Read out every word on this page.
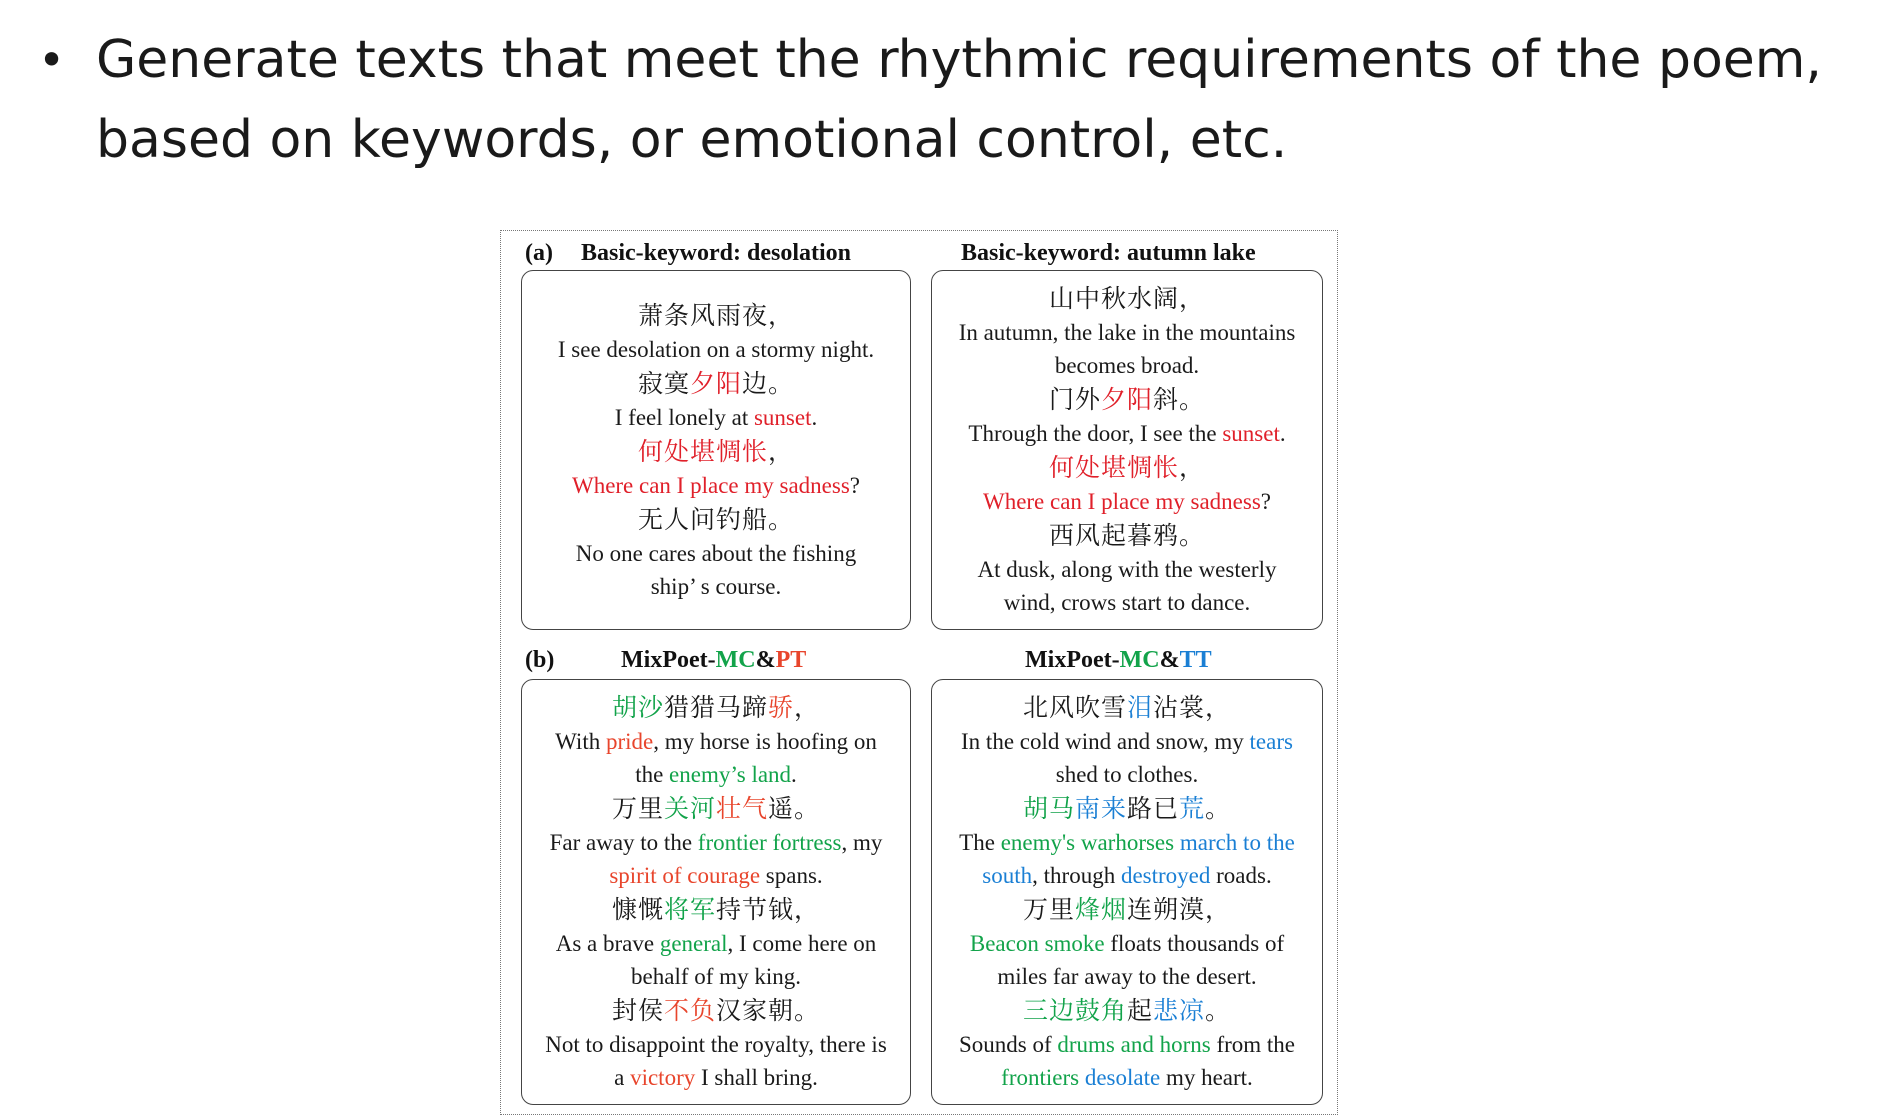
• Generate texts that meet the rhythmic requirements of the poem,
based on keywords, or emotional control, etc.
(a) Basic-keyword: desolation	Basic-keyword: autumn lake
萧条风雨夜，
I see desolation on a stormy night.
寂寞夕阳边。
I feel lonely at sunset.
何处堪惆怅，
Where can I place my sadness?
无人问钓船。
No one cares about the fishing
ship’ s course.
山中秋水阔，
In autumn, the lake in the mountains
becomes broad.
门外夕阳斜。
Through the door, I see the sunset.
何处堪惆怅，
Where can I place my sadness?
西风起暮鸦。
At dusk, along with the westerly
wind, crows start to dance.
(b)	MixPoet-MC&PT	MixPoet-MC&TT
胡沙猎猎马蹄骄，
With pride, my horse is hoofing on
the enemy’s land.
万里关河壮气遥。
Far away to the frontier fortress, my
spirit of courage spans.
慷慨将军持节钺，
As a brave general, I come here on
behalf of my king.
封侯不负汉家朝。
Not to disappoint the royalty, there is
a victory I shall bring.
北风吹雪泪沾裳，
In the cold wind and snow, my tears
shed to clothes.
胡马南来路已荒。
The enemy's warhorses march to the
south, through destroyed roads.
万里烽烟连朔漠，
Beacon smoke floats thousands of
miles far away to the desert.
三边鼓角起悲凉。
Sounds of drums and horns from the
frontiers desolate my heart.
